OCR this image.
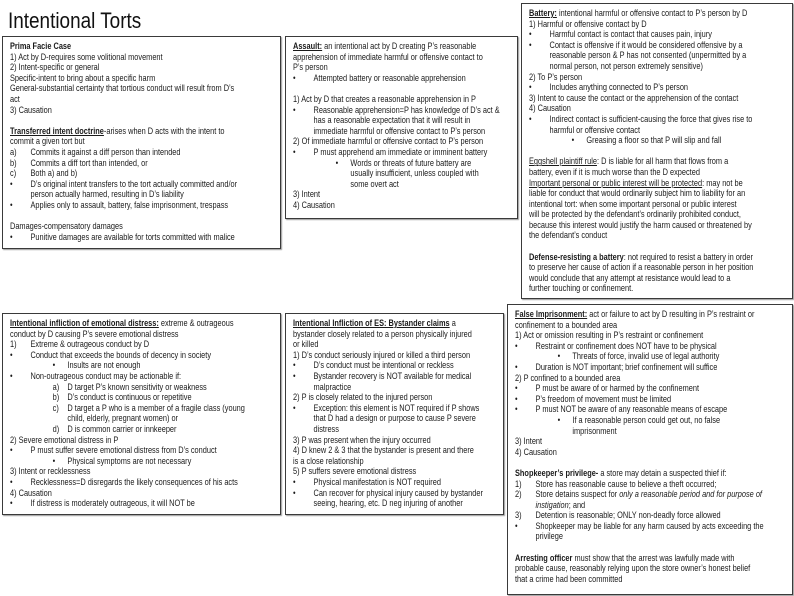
Intentional Torts
Prima Facie Case
1) Act by D-requires some volitional movement
2) Intent-specific or general
Specific-intent to bring about a specific harm
General-substantial certainty that tortious conduct will result from D’s
act
3) Causation
Transferred intent doctrine-arises when D acts with the intent to
commit a given tort but
a) Commits it against a diff person than intended
b) Commits a diff tort than intended, or
c) Both a) and b)
• D’s original intent transfers to the tort actually committed and/or
person actually harmed, resulting in D’s liability
• Applies only to assault, battery, false imprisonment, trespass
Damages-compensatory damages
• Punitive damages are available for torts committed with malice
Assault: an intentional act by D creating P’s reasonable
apprehension of immediate harmful or offensive contact to
P’s person
• Attempted battery or reasonable apprehension
1) Act by D that creates a reasonable apprehension in P
• Reasonable apprehension=P has knowledge of D’s act &
has a reasonable expectation that it will result in
immediate harmful or offensive contact to P’s person
2) Of immediate harmful or offensive contact to P’s person
• P must apprehend am immediate or imminent battery
• Words or threats of future battery are
usually insufficient, unless coupled with
some overt act
3) Intent
4) Causation
Battery: intentional harmful or offensive contact to P’s person by D
1) Harmful or offensive contact by D
• Harmful contact is contact that causes pain, injury
• Contact is offensive if it would be considered offensive by a
reasonable person & P has not consented (unpermitted by a
normal person, not person extremely sensitive)
2) To P’s person
• Includes anything connected to P’s person
3) Intent to cause the contact or the apprehension of the contact
4) Causation
• Indirect contact is sufficient-causing the force that gives rise to
harmful or offensive contact
• Greasing a floor so that P will slip and fall
Eggshell plaintiff rule: D is liable for all harm that flows from a
battery, even if it is much worse than the D expected
Important personal or public interest will be protected: may not be
liable for conduct that would ordinarily subject him to liability for an
intentional tort: when some important personal or public interest
will be protected by the defendant’s ordinarily prohibited conduct,
because this interest would justify the harm caused or threatened by
the defendant’s conduct
Defense-resisting a battery: not required to resist a battery in order
to preserve her cause of action if a reasonable person in her position
would conclude that any attempt at resistance would lead to a
further touching or confinement.
Intentional infliction of emotional distress: extreme & outrageous
conduct by D causing P’s severe emotional distress
1) Extreme & outrageous conduct by D
• Conduct that exceeds the bounds of decency in society
• Insults are not enough
• Non-outrageous conduct may be actionable if:
a) D target P’s known sensitivity or weakness
b) D’s conduct is continuous or repetitive
c) D target a P who is a member of a fragile class (young
child, elderly, pregnant women) or
d) D is common carrier or innkeeper
2) Severe emotional distress in P
• P must suffer severe emotional distress from D’s conduct
• Physical symptoms are not necessary
3) Intent or recklessness
• Recklessness=D disregards the likely consequences of his acts
4) Causation
• If distress is moderately outrageous, it will NOT be
Intentional Infliction of ES: Bystander claims a
bystander closely related to a person physically injured
or killed
1) D’s conduct seriously injured or killed a third person
• D’s conduct must be intentional or reckless
• Bystander recovery is NOT available for medical
malpractice
2) P is closely related to the injured person
• Exception: this element is NOT required if P shows
that D had a design or purpose to cause P severe
distress
3) P was present when the injury occurred
4) D knew 2 & 3 that the bystander is present and there
is a close relationship
5) P suffers severe emotional distress
• Physical manifestation is NOT required
• Can recover for physical injury caused by bystander
seeing, hearing, etc. D neg injuring of another
False Imprisonment: act or failure to act by D resulting in P’s restraint or
confinement to a bounded area
1) Act or omission resulting in P’s restraint or confinement
• Restraint or confinement does NOT have to be physical
• Threats of force, invalid use of legal authority
• Duration is NOT important; brief confinement will suffice
2) P confined to a bounded area
• P must be aware of or harmed by the confinement
• P’s freedom of movement must be limited
• P must NOT be aware of any reasonable means of escape
• If a reasonable person could get out, no false
imprisonment
3) Intent
4) Causation
Shopkeeper’s privilege- a store may detain a suspected thief if:
1) Store has reasonable cause to believe a theft occurred;
2) Store detains suspect for only a reasonable period and for purpose of
instigation; and
3) Detention is reasonable; ONLY non-deadly force allowed
• Shopkeeper may be liable for any harm caused by acts exceeding the
privilege
Arresting officer must show that the arrest was lawfully made with
probable cause, reasonably relying upon the store owner’s honest belief
that a crime had been committed
